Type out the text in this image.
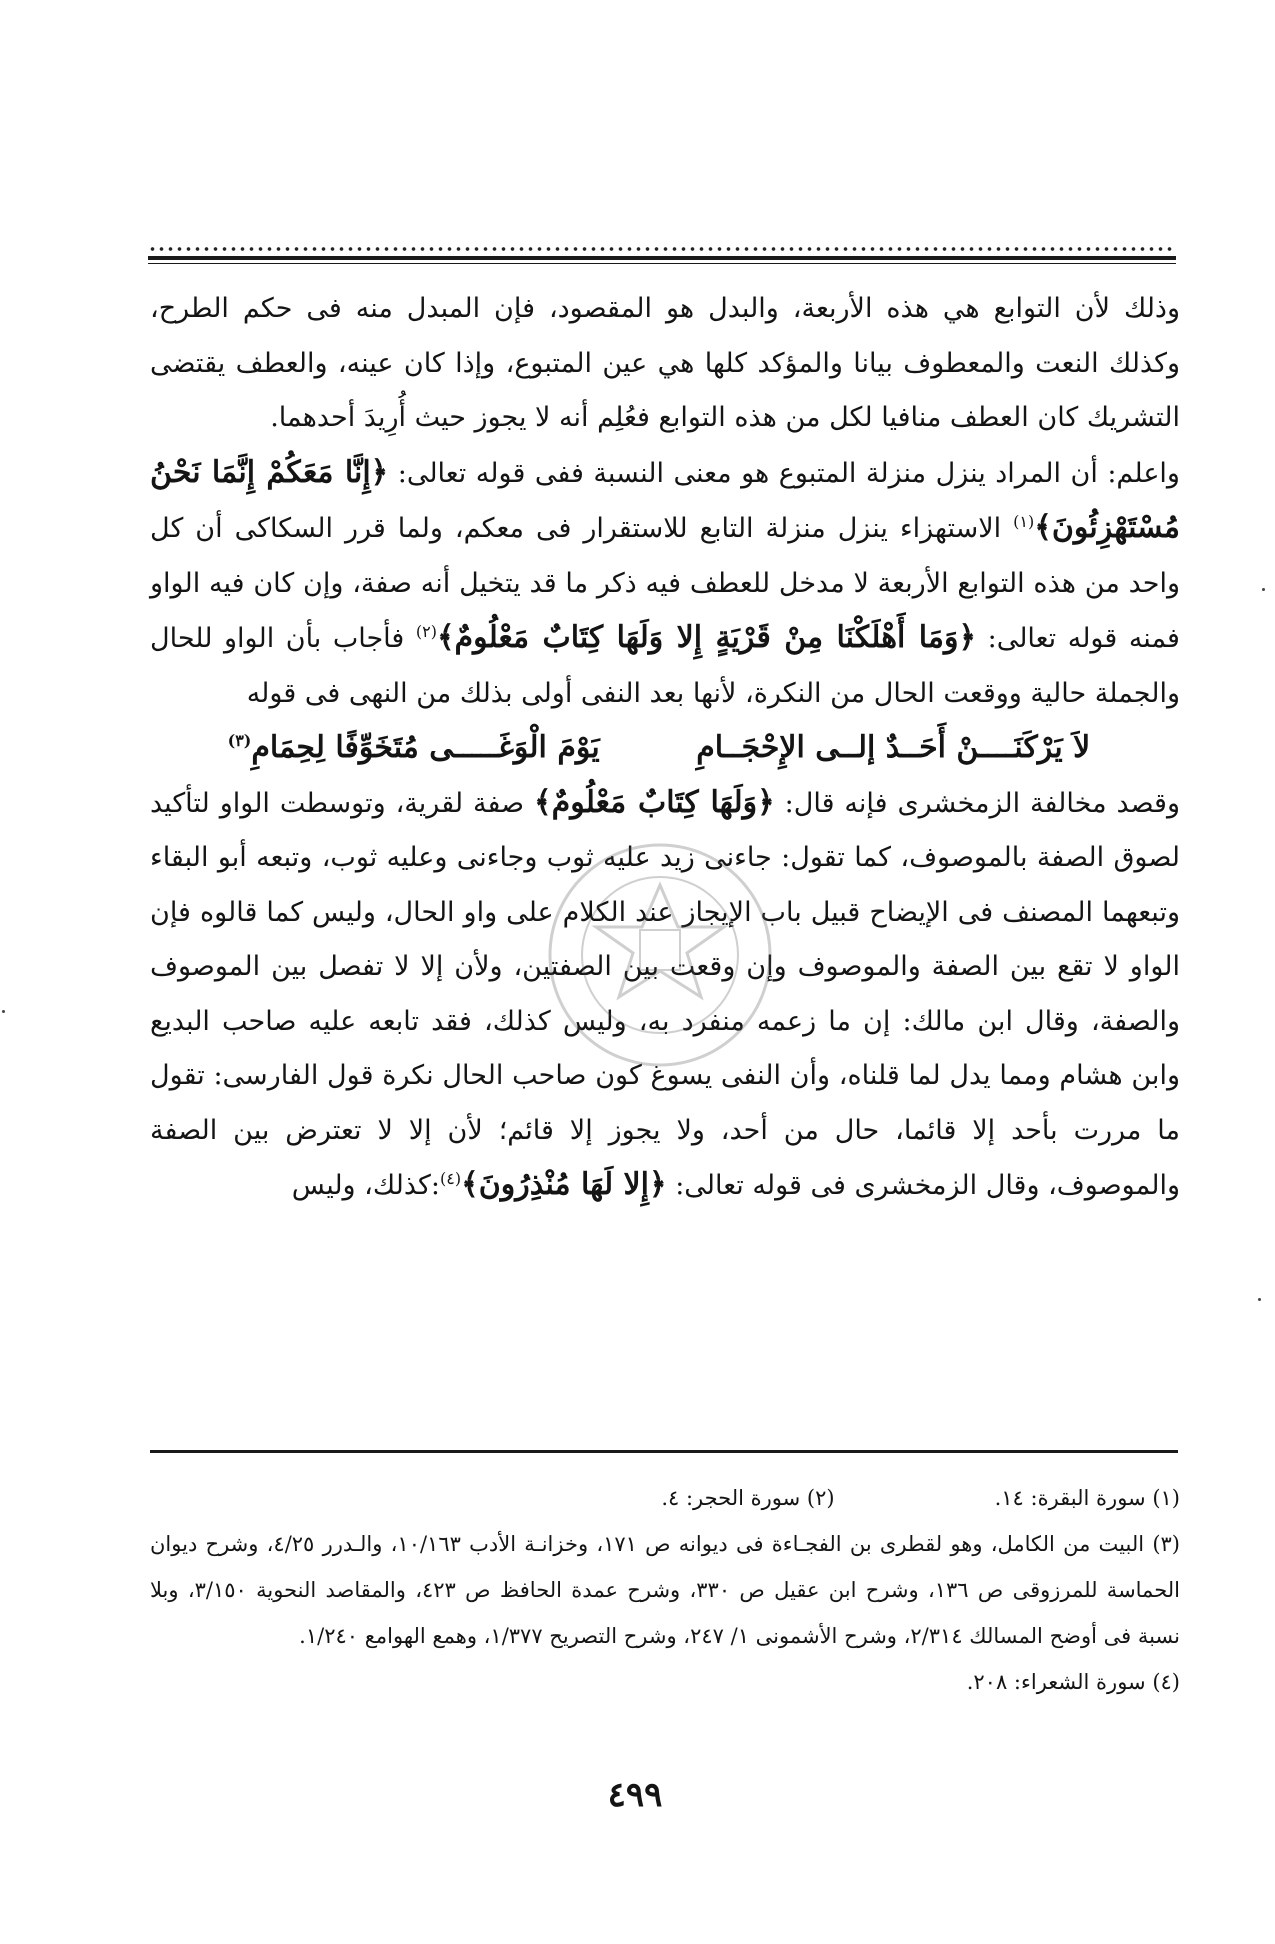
وذلك لأن التوابع هي هذه الأربعة، والبدل هو المقصود، فإن المبدل منه فى حكم الطرح، وكذلك النعت والمعطوف بيانا والمؤكد كلها هي عين المتبوع، وإذا كان عينه، والعطف يقتضى التشريك كان العطف منافيا لكل من هذه التوابع فعُلِم أنه لا يجوز حيث أُرِيدَ أحدهما.

واعلم: أن المراد ينزل منزلة المتبوع هو معنى النسبة ففى قوله تعالى: ﴿إِنَّا مَعَكُمْ إِنَّمَا نَحْنُ مُسْتَهْزِئُونَ﴾$^{(١)}$ الاستهزاء ينزل منزلة التابع للاستقرار فى معكم، ولما قرر السكاكى أن كل واحد من هذه التوابع الأربعة لا مدخل للعطف فيه ذكر ما قد يتخيل أنه صفة، وإن كان فيه الواو فمنه قوله تعالى: ﴿وَمَا أَهْلَكْنَا مِنْ قَرْيَةٍ إِلا وَلَهَا كِتَابٌ مَعْلُومٌ﴾$^{(٢)}$ فأجاب بأن الواو للحال والجملة حالية ووقعت الحال من النكرة، لأنها بعد النفى أولى بذلك من النهى فى قوله

لاَ يَرْكَنَــــنْ أَحَــدٌ إلــى الإِحْجَــامِ يَوْمَ الْوَغَـــــى مُتَخَوِّفًا لِحِمَامِ$^{(٣)}$

وقصد مخالفة الزمخشرى فإنه قال: ﴿وَلَهَا كِتَابٌ مَعْلُومٌ﴾ صفة لقرية، وتوسطت الواو لتأكيد لصوق الصفة بالموصوف، كما تقول: جاءنى زيد عليه ثوب وجاءنى وعليه ثوب، وتبعه أبو البقاء وتبعهما المصنف فى الإيضاح قبيل باب الإيجاز عند الكلام على واو الحال، وليس كما قالوه فإن الواو لا تقع بين الصفة والموصوف وإن وقعت بين الصفتين، ولأن إلا لا تفصل بين الموصوف والصفة، وقال ابن مالك: إن ما زعمه منفرد به، وليس كذلك، فقد تابعه عليه صاحب البديع وابن هشام ومما يدل لما قلناه، وأن النفى يسوغ كون صاحب الحال نكرة قول الفارسى: تقول ما مررت بأحد إلا قائما، حال من أحد، ولا يجوز إلا قائم؛ لأن إلا لا تعترض بين الصفة والموصوف، وقال الزمخشرى فى قوله تعالى: ﴿إِلا لَهَا مُنْذِرُونَ﴾$^{(٤)}$:كذلك، وليس

(١) سورة البقرة: ١٤.
(٢) سورة الحجر: ٤.

(٣) البيت من الكامل، وهو لقطرى بن الفجـاءة فى ديوانه ص ١٧١، وخزانـة الأدب ١٠/١٦٣، والـدرر ٤/٢٥، وشرح ديوان الحماسة للمرزوقى ص ١٣٦، وشرح ابن عقيل ص ٣٣٠، وشرح عمدة الحافظ ص ٤٢٣، والمقاصد النحوية ٣/١٥٠، وبلا نسبة فى أوضح المسالك ٢/٣١٤، وشرح الأشمونى ١/ ٢٤٧، وشرح التصريح ١/٣٧٧، وهمع الهوامع ١/٢٤٠.

(٤) سورة الشعراء: ٢٠٨.

٤٩٩
